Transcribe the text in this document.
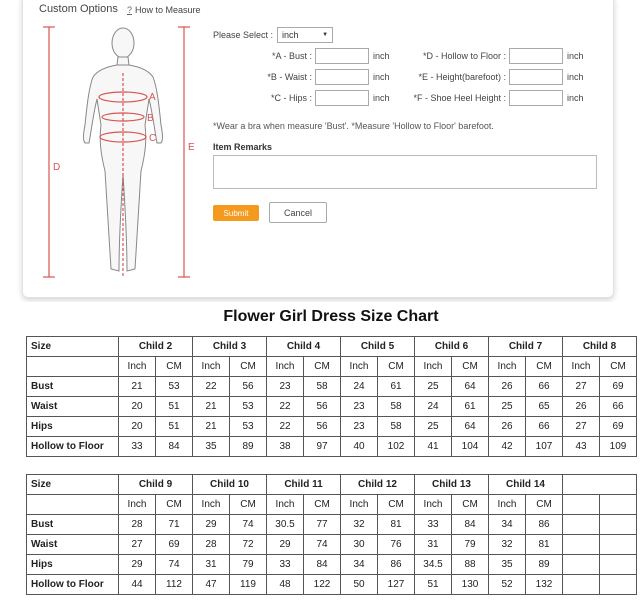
Custom Options ? How to Measure
A
B
C
D
E
Please Select : inch	▼
*A - Bust :	inch
*B - Waist :	inch
*C - Hips :	inch
*D - Hollow to Floor :	inch
*E - Height(barefoot) :	inch
*F - Shoe Heel Height :	inch
*Wear a bra when measure 'Bust'. *Measure 'Hollow to Floor' barefoot.
Item Remarks
Submit	Cancel
Flower Girl Dress Size Chart
Size	Child 2		Child 3		Child 4		Child 5		Child 6		Child 7		Child 8	
	Inch	CM	Inch	CM	Inch	CM	Inch	CM	Inch	CM	Inch	CM	Inch	CM
Bust	21	53	22	56	23	58	24	61	25	64	26	66	27	69
Waist	20	51	21	53	22	56	23	58	24	61	25	65	26	66
Hips	20	51	21	53	22	56	23	58	25	64	26	66	27	69
Hollow to Floor	33	84	35	89	38	97	40	102	41	104	42	107	43	109
Size	Child 9		Child 10		Child 11		Child 12		Child 13		Child 14			
	Inch	CM	Inch	CM	Inch	CM	Inch	CM	Inch	CM	Inch	CM		
Bust	28	71	29	74	30.5	77	32	81	33	84	34	86		
Waist	27	69	28	72	29	74	30	76	31	79	32	81		
Hips	29	74	31	79	33	84	34	86	34.5	88	35	89		
Hollow to Floor	44	112	47	119	48	122	50	127	51	130	52	132		
